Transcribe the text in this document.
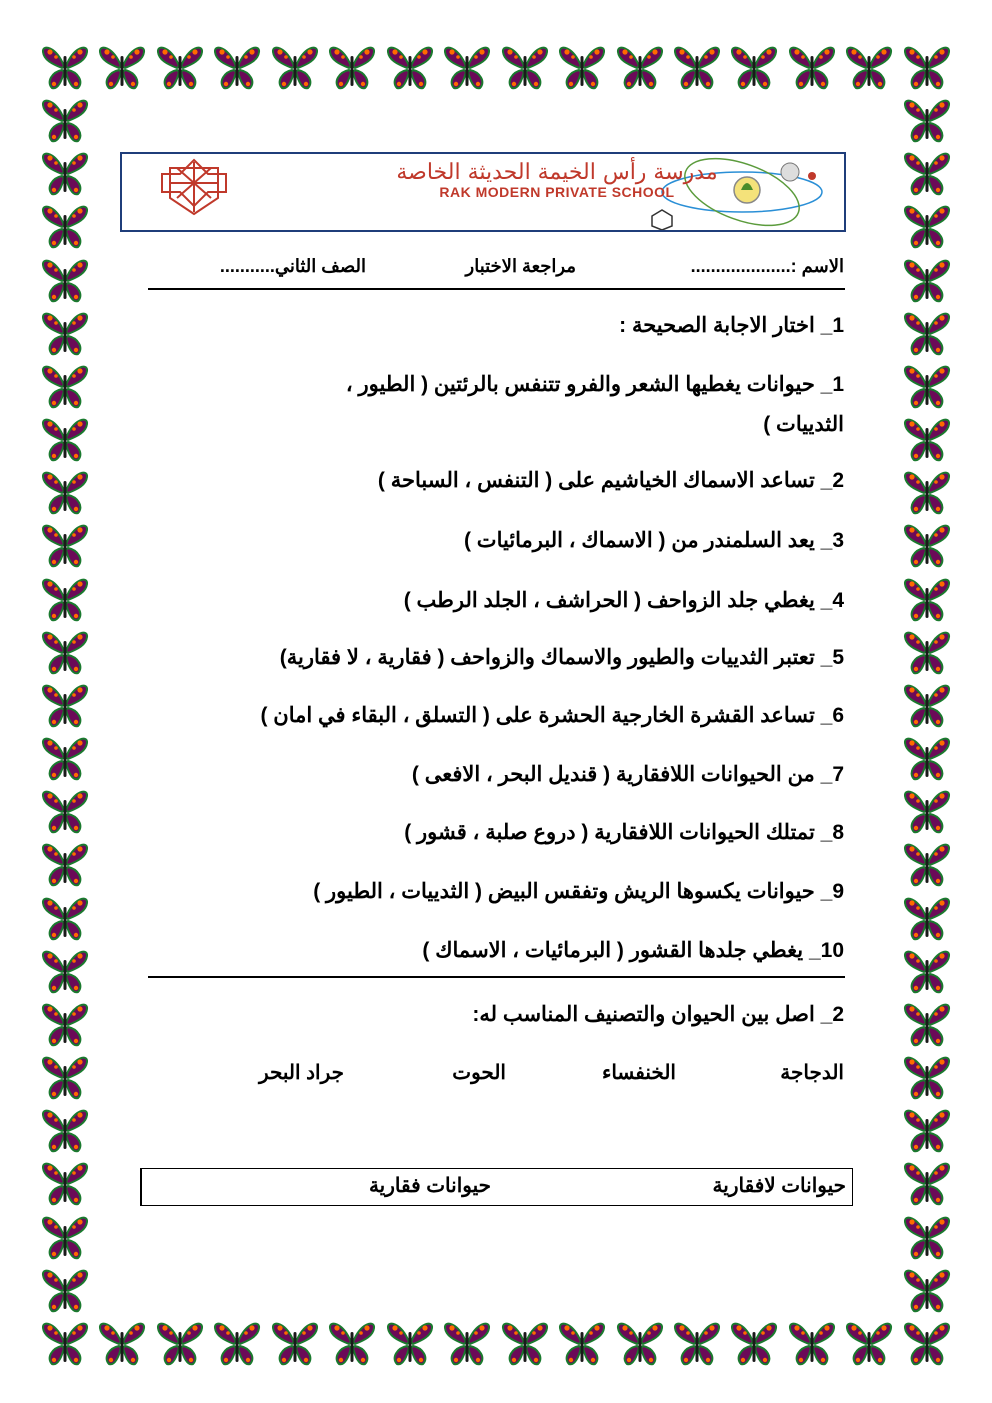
مدرسة رأس الخيمة الحديثة الخاصة
RAK MODERN PRIVATE SCHOOL
الاسم :....................
مراجعة الاختبار
الصف الثاني...........
1_ اختار الاجابة الصحيحة :
1_ حيوانات يغطيها الشعر والفرو تتنفس بالرئتين ( الطيور ،
الثدييات )
2_ تساعد الاسماك الخياشيم على ( التنفس ، السباحة )
3_ يعد السلمندر من ( الاسماك ، البرمائيات )
4_ يغطي جلد الزواحف ( الحراشف ، الجلد الرطب )
5_ تعتبر الثدييات والطيور والاسماك والزواحف ( فقارية ، لا فقارية)
6_ تساعد القشرة الخارجية الحشرة على ( التسلق ، البقاء في امان )
7_ من الحيوانات اللافقارية ( قنديل البحر ، الافعى )
8_ تمتلك الحيوانات اللافقارية ( دروع صلبة ، قشور )
9_ حيوانات يكسوها الريش وتفقس البيض ( الثدييات ، الطيور )
10_ يغطي جلدها القشور ( البرمائيات ، الاسماك )
2_ اصل بين الحيوان والتصنيف المناسب له:
الدجاجة
الخنفساء
الحوت
جراد البحر
حيوانات فقارية	حيوانات لافقارية
